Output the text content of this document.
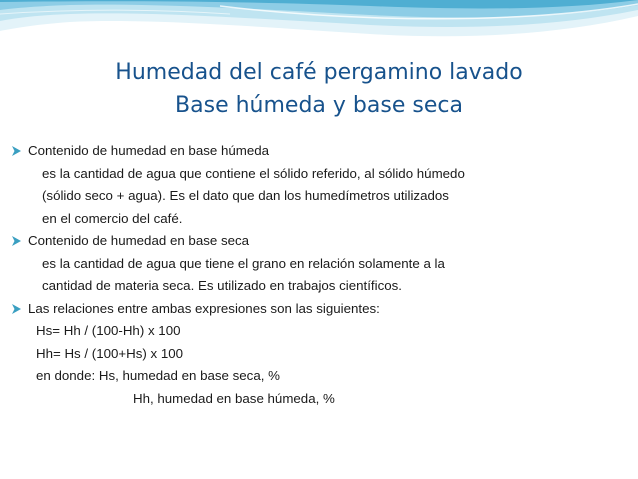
Humedad del café pergamino lavado
Base húmeda y base seca
Contenido de humedad en base húmeda
es la cantidad de agua que contiene el sólido referido, al sólido húmedo
(sólido seco + agua). Es el dato que dan los humedímetros utilizados
en el comercio del café.
Contenido de humedad en base seca
es la cantidad de agua que tiene el grano en relación solamente a la
cantidad de materia seca. Es utilizado en trabajos científicos.
Las relaciones entre ambas expresiones son las siguientes:
Hs= Hh / (100-Hh) x 100
Hh= Hs / (100+Hs) x 100
en donde: Hs, humedad en base seca, %
Hh, humedad en base húmeda, %
